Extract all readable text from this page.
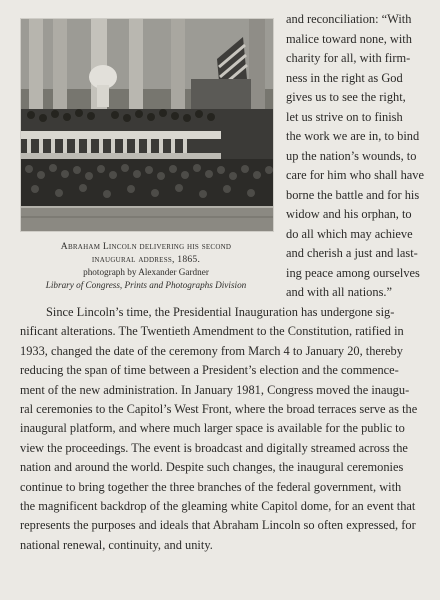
Abraham Lincoln delivering his second
inaugural address, 1865.
photograph by Alexander Gardner
Library of Congress, Prints and Photographs Division
and reconciliation: “With
malice toward none, with
charity for all, with firm-
ness in the right as God
gives us to see the right,
let us strive on to finish
the work we are in, to bind
up the nation’s wounds, to
care for him who shall have
borne the battle and for his
widow and his orphan, to
do all which may achieve
and cherish a just and last-
ing peace among ourselves
and with all nations.”
Since Lincoln’s time, the Presidential Inauguration has undergone sig-
nificant alterations. The Twentieth Amendment to the Constitution, ratified in
1933, changed the date of the ceremony from March 4 to January 20, thereby
reducing the span of time between a President’s election and the commence-
ment of the new administration. In January 1981, Congress moved the inaugu-
ral ceremonies to the Capitol’s West Front, where the broad terraces serve as the
inaugural platform, and where much larger space is available for the public to
view the proceedings. The event is broadcast and digitally streamed across the
nation and around the world. Despite such changes, the inaugural ceremonies
continue to bring together the three branches of the federal government, with
the magnificent backdrop of the gleaming white Capitol dome, for an event that
represents the purposes and ideals that Abraham Lincoln so often expressed, for
national renewal, continuity, and unity.
